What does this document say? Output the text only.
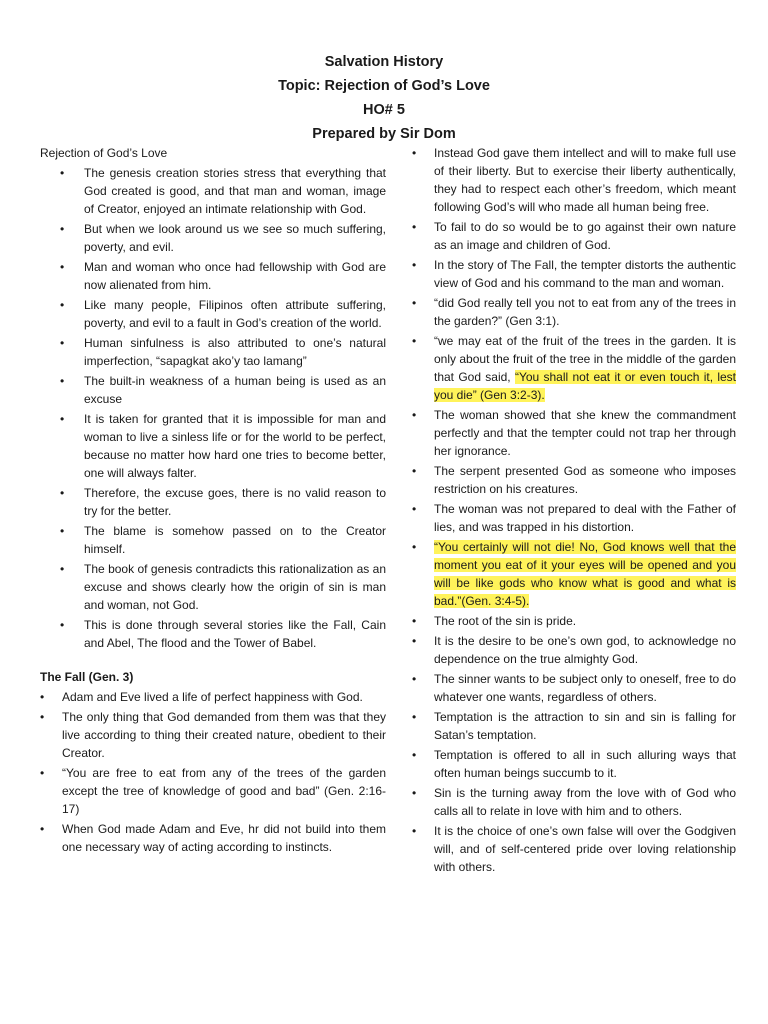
Salvation History
Topic: Rejection of God’s Love
HO# 5
Prepared by Sir Dom
Rejection of God’s Love
• The genesis creation stories stress that everything that God created is good, and that man and woman, image of Creator, enjoyed an intimate relationship with God.
• But when we look around us we see so much suffering, poverty, and evil.
• Man and woman who once had fellowship with God are now alienated from him.
• Like many people, Filipinos often attribute suffering, poverty, and evil to a fault in God’s creation of the world.
• Human sinfulness is also attributed to one’s natural imperfection, “sapagkat ako’y tao lamang”
• The built-in weakness of a human being is used as an excuse
• It is taken for granted that it is impossible for man and woman to live a sinless life or for the world to be perfect, because no matter how hard one tries to become better, one will always falter.
• Therefore, the excuse goes, there is no valid reason to try for the better.
• The blame is somehow passed on to the Creator himself.
• The book of genesis contradicts this rationalization as an excuse and shows clearly how the origin of sin is man and woman, not God.
• This is done through several stories like the Fall, Cain and Abel, The flood and the Tower of Babel.
The Fall (Gen. 3)
• Adam and Eve lived a life of perfect happiness with God.
• The only thing that God demanded from them was that they live according to thing their created nature, obedient to their Creator.
• “You are free to eat from any of the trees of the garden except the tree of knowledge of good and bad” (Gen. 2:16-17)
• When God made Adam and Eve, hr did not build into them one necessary way of acting according to instincts.
• Instead God gave them intellect and will to make full use of their liberty. But to exercise their liberty authentically, they had to respect each other’s freedom, which meant following God’s will who made all human being free.
• To fail to do so would be to go against their own nature as an image and children of God.
• In the story of The Fall, the tempter distorts the authentic view of God and his command to the man and woman.
• “did God really tell you not to eat from any of the trees in the garden?” (Gen 3:1).
• “we may eat of the fruit of the trees in the garden. It is only about the fruit of the tree in the middle of the garden that God said, “You shall not eat it or even touch it, lest you die” (Gen 3:2-3).
• The woman showed that she knew the commandment perfectly and that the tempter could not trap her through her ignorance.
• The serpent presented God as someone who imposes restriction on his creatures.
• The woman was not prepared to deal with the Father of lies, and was trapped in his distortion.
• “You certainly will not die! No, God knows well that the moment you eat of it your eyes will be opened and you will be like gods who know what is good and what is bad.”(Gen. 3:4-5).
• The root of the sin is pride.
• It is the desire to be one’s own god, to acknowledge no dependence on the true almighty God.
• The sinner wants to be subject only to oneself, free to do whatever one wants, regardless of others.
• Temptation is the attraction to sin and sin is falling for Satan’s temptation.
• Temptation is offered to all in such alluring ways that often human beings succumb to it.
• Sin is the turning away from the love with of God who calls all to relate in love with him and to others.
• It is the choice of one’s own false will over the Godgiven will, and of self-centered pride over loving relationship with others.
